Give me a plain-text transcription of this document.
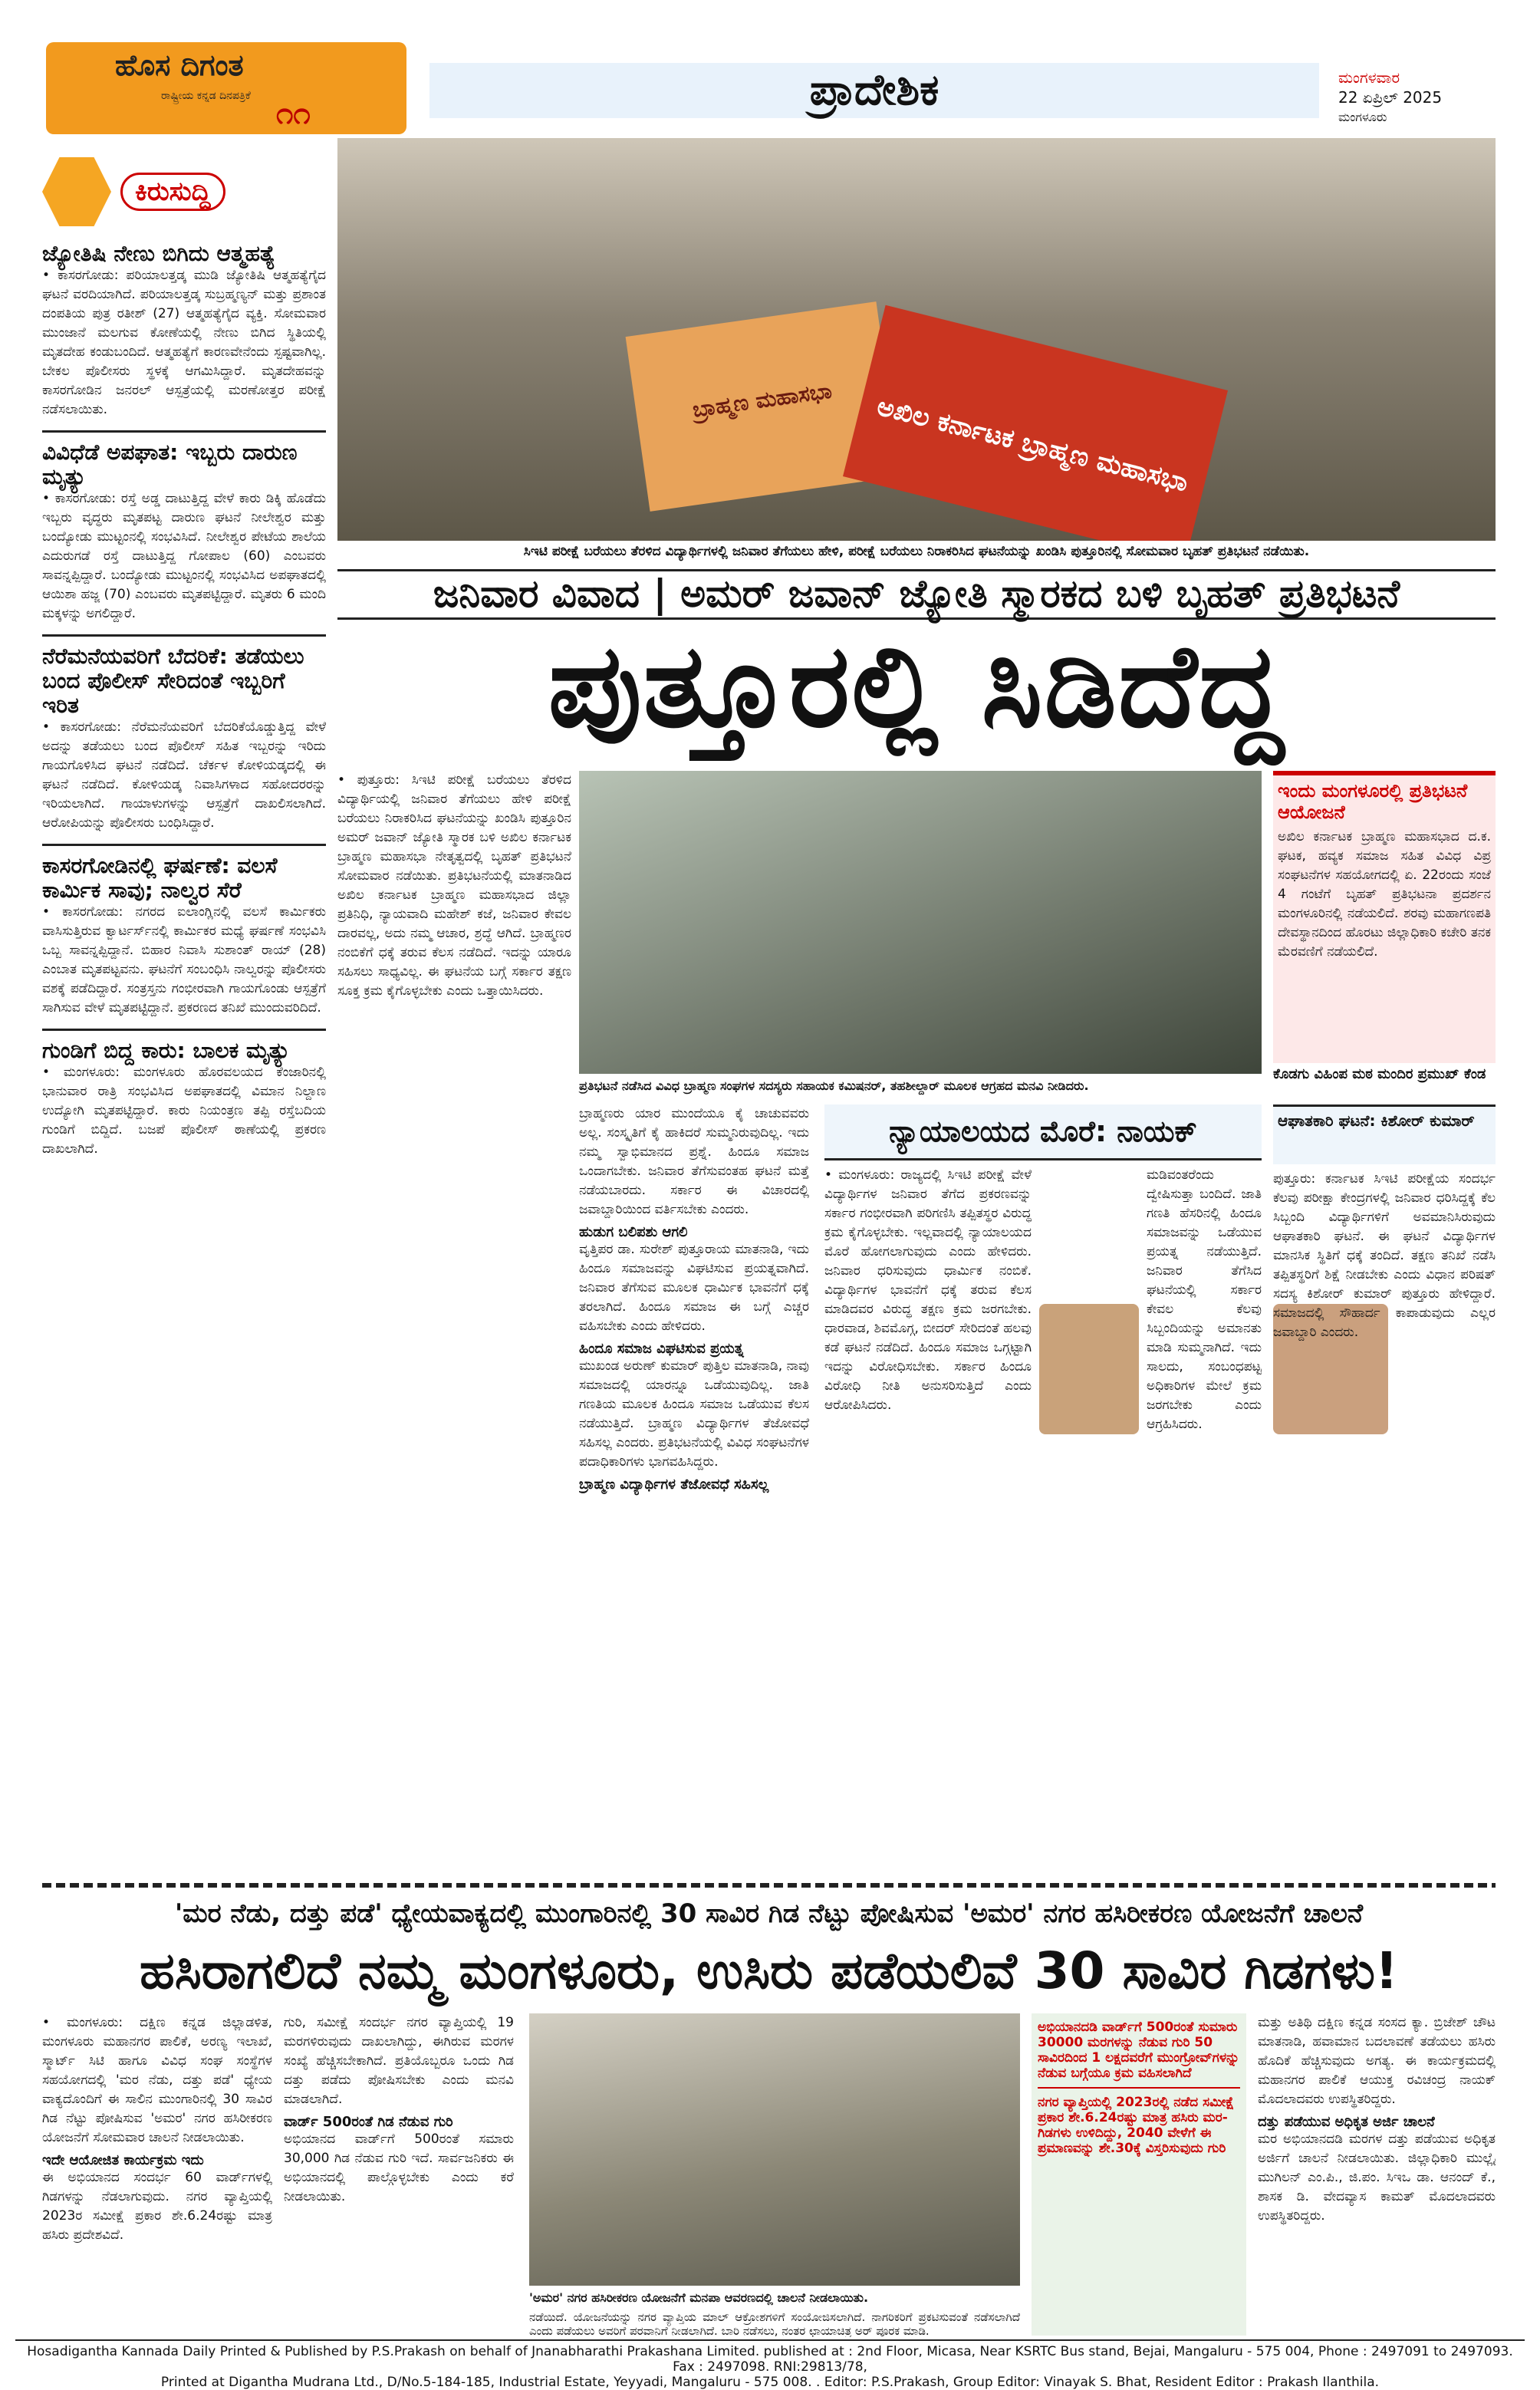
ಹೊಸ ದಿಗಂತ
ರಾಷ್ಟ್ರೀಯ ಕನ್ನಡ ದಿನಪತ್ರಿಕೆ ೧೧	ಪ್ರಾದೇಶಿಕ	ಮಂಗಳವಾರ
22 ಏಪ್ರಿಲ್ 2025
ಮಂಗಳೂರು
ಕಿರುಸುದ್ದಿ
ಜ್ಯೋತಿಷಿ ನೇಣು ಬಿಗಿದು ಆತ್ಮಹತ್ಯೆ
• ಕಾಸರಗೋಡು: ಪರಿಯಾಲತ್ತಡ್ಕ ಮುಡಿ ಜ್ಯೋತಿಷಿ ಆತ್ಮಹತ್ಯೆಗೈದ ಘಟನೆ ವರದಿಯಾಗಿದೆ. ಪರಿಯಾಲತ್ತಡ್ಕ ಸುಬ್ರಹ್ಮಣ್ಯನ್ ಮತ್ತು ಪ್ರಶಾಂತ ದಂಪತಿಯ ಪುತ್ರ ರತೀಶ್ (27) ಆತ್ಮಹತ್ಯೆಗೈದ ವ್ಯಕ್ತಿ. ಸೋಮವಾರ ಮುಂಜಾನೆ ಮಲಗುವ ಕೋಣೆಯಲ್ಲಿ ನೇಣು ಬಿಗಿದ ಸ್ಥಿತಿಯಲ್ಲಿ ಮೃತದೇಹ ಕಂಡುಬಂದಿದೆ. ಆತ್ಮಹತ್ಯೆಗೆ ಕಾರಣವೇನೆಂದು ಸ್ಪಷ್ಟವಾಗಿಲ್ಲ. ಬೇಕಲ ಪೊಲೀಸರು ಸ್ಥಳಕ್ಕೆ ಆಗಮಿಸಿದ್ದಾರೆ. ಮೃತದೇಹವನ್ನು ಕಾಸರಗೋಡಿನ ಜನರಲ್ ಆಸ್ಪತ್ರೆಯಲ್ಲಿ ಮರಣೋತ್ತರ ಪರೀಕ್ಷೆ ನಡೆಸಲಾಯಿತು.
ವಿವಿಧೆಡೆ ಅಪಘಾತ: ಇಬ್ಬರು ದಾರುಣ ಮೃತ್ಯು
• ಕಾಸರಗೋಡು: ರಸ್ತೆ ಅಡ್ಡ ದಾಟುತ್ತಿದ್ದ ವೇಳೆ ಕಾರು ಡಿಕ್ಕಿ ಹೊಡೆದು ಇಬ್ಬರು ವೃದ್ಧರು ಮೃತಪಟ್ಟ ದಾರುಣ ಘಟನೆ ನೀಲೇಶ್ವರ ಮತ್ತು ಬಂದ್ಯೋಡು ಮುಟ್ಟಂನಲ್ಲಿ ಸಂಭವಿಸಿದೆ. ನೀಲೇಶ್ವರ ಪೇಟೆಯ ಶಾಲೆಯ ಎದುರುಗಡೆ ರಸ್ತೆ ದಾಟುತ್ತಿದ್ದ ಗೋಪಾಲ (60) ಎಂಬವರು ಸಾವನ್ನಪ್ಪಿದ್ದಾರೆ. ಬಂದ್ಯೋಡು ಮುಟ್ಟಂನಲ್ಲಿ ಸಂಭವಿಸಿದ ಅಪಘಾತದಲ್ಲಿ ಆಯಿಶಾ ಹಜ್ಜ (70) ಎಂಬವರು ಮೃತಪಟ್ಟಿದ್ದಾರೆ. ಮೃತರು 6 ಮಂದಿ ಮಕ್ಕಳನ್ನು ಅಗಲಿದ್ದಾರೆ.
ನೆರೆಮನೆಯವರಿಗೆ ಬೆದರಿಕೆ: ತಡೆಯಲು ಬಂದ ಪೊಲೀಸ್ ಸೇರಿದಂತೆ ಇಬ್ಬರಿಗೆ ಇರಿತ
• ಕಾಸರಗೋಡು: ನೆರೆಮನೆಯವರಿಗೆ ಬೆದರಿಕೆಯೊಡ್ಡುತ್ತಿದ್ದ ವೇಳೆ ಅದನ್ನು ತಡೆಯಲು ಬಂದ ಪೊಲೀಸ್ ಸಹಿತ ಇಬ್ಬರನ್ನು ಇರಿದು ಗಾಯಗೊಳಿಸಿದ ಘಟನೆ ನಡೆದಿದೆ. ಚೆರ್ಕಳ ಕೋಳಿಯಡ್ಕದಲ್ಲಿ ಈ ಘಟನೆ ನಡೆದಿದೆ. ಕೋಳಿಯಡ್ಕ ನಿವಾಸಿಗಳಾದ ಸಹೋದರರನ್ನು ಇರಿಯಲಾಗಿದೆ. ಗಾಯಾಳುಗಳನ್ನು ಆಸ್ಪತ್ರೆಗೆ ದಾಖಲಿಸಲಾಗಿದೆ. ಆರೋಪಿಯನ್ನು ಪೊಲೀಸರು ಬಂಧಿಸಿದ್ದಾರೆ.
ಕಾಸರಗೋಡಿನಲ್ಲಿ ಘರ್ಷಣೆ: ವಲಸೆ ಕಾರ್ಮಿಕ ಸಾವು; ನಾಲ್ವರ ಸೆರೆ
• ಕಾಸರಗೋಡು: ನಗರದ ಐಲಾಂಗ್ಲಿನಲ್ಲಿ ವಲಸೆ ಕಾರ್ಮಿಕರು ವಾಸಿಸುತ್ತಿರುವ ಕ್ವಾರ್ಟರ್ಸ್‌ನಲ್ಲಿ ಕಾರ್ಮಿಕರ ಮಧ್ಯೆ ಘರ್ಷಣೆ ಸಂಭವಿಸಿ ಒಬ್ಬ ಸಾವನ್ನಪ್ಪಿದ್ದಾನೆ. ಬಿಹಾರ ನಿವಾಸಿ ಸುಶಾಂತ್ ರಾಯ್ (28) ಎಂಬಾತ ಮೃತಪಟ್ಟವನು. ಘಟನೆಗೆ ಸಂಬಂಧಿಸಿ ನಾಲ್ವರನ್ನು ಪೊಲೀಸರು ವಶಕ್ಕೆ ಪಡೆದಿದ್ದಾರೆ. ಸಂತ್ರಸ್ತನು ಗಂಭೀರವಾಗಿ ಗಾಯಗೊಂಡು ಆಸ್ಪತ್ರೆಗೆ ಸಾಗಿಸುವ ವೇಳೆ ಮೃತಪಟ್ಟಿದ್ದಾನೆ. ಪ್ರಕರಣದ ತನಿಖೆ ಮುಂದುವರಿದಿದೆ.
ಗುಂಡಿಗೆ ಬಿದ್ದ ಕಾರು: ಬಾಲಕ ಮೃತ್ಯು
• ಮಂಗಳೂರು: ಮಂಗಳೂರು ಹೊರವಲಯದ ಕೆಂಜಾರಿನಲ್ಲಿ ಭಾನುವಾರ ರಾತ್ರಿ ಸಂಭವಿಸಿದ ಅಪಘಾತದಲ್ಲಿ ವಿಮಾನ ನಿಲ್ದಾಣ ಉದ್ಯೋಗಿ ಮೃತಪಟ್ಟಿದ್ದಾರೆ. ಕಾರು ನಿಯಂತ್ರಣ ತಪ್ಪಿ ರಸ್ತೆಬದಿಯ ಗುಂಡಿಗೆ ಬಿದ್ದಿದೆ. ಬಜಪೆ ಪೊಲೀಸ್ ಠಾಣೆಯಲ್ಲಿ ಪ್ರಕರಣ ದಾಖಲಾಗಿದೆ.
ಬ್ರಾಹ್ಮಣ ಮಹಾಸಭಾ	ಅಖಿಲ ಕರ್ನಾಟಕ ಬ್ರಾಹ್ಮಣ ಮಹಾಸಭಾ
ಸಿಇಟಿ ಪರೀಕ್ಷೆ ಬರೆಯಲು ತೆರಳಿದ ವಿದ್ಯಾರ್ಥಿಗಳಲ್ಲಿ ಜನಿವಾರ ತೆಗೆಯಲು ಹೇಳಿ, ಪರೀಕ್ಷೆ ಬರೆಯಲು ನಿರಾಕರಿಸಿದ ಘಟನೆಯನ್ನು ಖಂಡಿಸಿ ಪುತ್ತೂರಿನಲ್ಲಿ ಸೋಮವಾರ ಬೃಹತ್ ಪ್ರತಿಭಟನೆ ನಡೆಯಿತು.
ಜನಿವಾರ ವಿವಾದ | ಅಮರ್ ಜವಾನ್ ಜ್ಯೋತಿ ಸ್ಮಾರಕದ ಬಳಿ ಬೃಹತ್ ಪ್ರತಿಭಟನೆ
ಪುತ್ತೂರಲ್ಲಿ ಸಿಡಿದೆದ್ದ
• ಪುತ್ತೂರು: ಸಿಇಟಿ ಪರೀಕ್ಷೆ ಬರೆಯಲು ತೆರಳಿದ ವಿದ್ಯಾರ್ಥಿಯಲ್ಲಿ ಜನಿವಾರ ತೆಗೆಯಲು ಹೇಳಿ ಪರೀಕ್ಷೆ ಬರೆಯಲು ನಿರಾಕರಿಸಿದ ಘಟನೆಯನ್ನು ಖಂಡಿಸಿ ಪುತ್ತೂರಿನ ಅಮರ್ ಜವಾನ್ ಜ್ಯೋತಿ ಸ್ಮಾರಕ ಬಳಿ ಅಖಿಲ ಕರ್ನಾಟಕ ಬ್ರಾಹ್ಮಣ ಮಹಾಸಭಾ ನೇತೃತ್ವದಲ್ಲಿ ಬೃಹತ್ ಪ್ರತಿಭಟನೆ ಸೋಮವಾರ ನಡೆಯಿತು. ಪ್ರತಿಭಟನೆಯಲ್ಲಿ ಮಾತನಾಡಿದ ಅಖಿಲ ಕರ್ನಾಟಕ ಬ್ರಾಹ್ಮಣ ಮಹಾಸಭಾದ ಜಿಲ್ಲಾ ಪ್ರತಿನಿಧಿ, ನ್ಯಾಯವಾದಿ ಮಹೇಶ್ ಕಜೆ, ಜನಿವಾರ ಕೇವಲ ದಾರವಲ್ಲ, ಅದು ನಮ್ಮ ಆಚಾರ, ಶ್ರದ್ಧೆ ಆಗಿದೆ. ಬ್ರಾಹ್ಮಣರ ನಂಬಿಕೆಗೆ ಧಕ್ಕೆ ತರುವ ಕೆಲಸ ನಡೆದಿದೆ. ಇದನ್ನು ಯಾರೂ ಸಹಿಸಲು ಸಾಧ್ಯವಿಲ್ಲ. ಈ ಘಟನೆಯ ಬಗ್ಗೆ ಸರ್ಕಾರ ತಕ್ಷಣ ಸೂಕ್ತ ಕ್ರಮ ಕೈಗೊಳ್ಳಬೇಕು ಎಂದು ಒತ್ತಾಯಿಸಿದರು.
ಪ್ರತಿಭಟನೆ ನಡೆಸಿದ ವಿವಿಧ ಬ್ರಾಹ್ಮಣ ಸಂಘಗಳ ಸದಸ್ಯರು ಸಹಾಯಕ ಕಮಿಷನರ್, ತಹಶೀಲ್ದಾರ್ ಮೂಲಕ ಆಗ್ರಹದ ಮನವಿ ನೀಡಿದರು.
ಬ್ರಾಹ್ಮಣರು ಯಾರ ಮುಂದೆಯೂ ಕೈ ಚಾಚುವವರು ಅಲ್ಲ. ಸಂಸ್ಕೃತಿಗೆ ಕೈ ಹಾಕಿದರೆ ಸುಮ್ಮನಿರುವುದಿಲ್ಲ. ಇದು ನಮ್ಮ ಸ್ವಾಭಿಮಾನದ ಪ್ರಶ್ನೆ. ಹಿಂದೂ ಸಮಾಜ ಒಂದಾಗಬೇಕು. ಜನಿವಾರ ತೆಗೆಸುವಂತಹ ಘಟನೆ ಮತ್ತೆ ನಡೆಯಬಾರದು. ಸರ್ಕಾರ ಈ ವಿಚಾರದಲ್ಲಿ ಜವಾಬ್ದಾರಿಯಿಂದ ವರ್ತಿಸಬೇಕು ಎಂದರು.
ಹುಡುಗ ಬಲಿಪಶು ಆಗಲಿ
ವೃತ್ತಿಪರ ಡಾ. ಸುರೇಶ್ ಪುತ್ತೂರಾಯ ಮಾತನಾಡಿ, ಇದು ಹಿಂದೂ ಸಮಾಜವನ್ನು ವಿಘಟಿಸುವ ಪ್ರಯತ್ನವಾಗಿದೆ. ಜನಿವಾರ ತೆಗೆಸುವ ಮೂಲಕ ಧಾರ್ಮಿಕ ಭಾವನೆಗೆ ಧಕ್ಕೆ ತರಲಾಗಿದೆ. ಹಿಂದೂ ಸಮಾಜ ಈ ಬಗ್ಗೆ ಎಚ್ಚರ ವಹಿಸಬೇಕು ಎಂದು ಹೇಳಿದರು.
ಹಿಂದೂ ಸಮಾಜ ವಿಘಟಿಸುವ ಪ್ರಯತ್ನ
ಮುಖಂಡ ಅರುಣ್ ಕುಮಾರ್ ಪುತ್ತಿಲ ಮಾತನಾಡಿ, ನಾವು ಸಮಾಜದಲ್ಲಿ ಯಾರನ್ನೂ ಒಡೆಯುವುದಿಲ್ಲ. ಜಾತಿ ಗಣತಿಯ ಮೂಲಕ ಹಿಂದೂ ಸಮಾಜ ಒಡೆಯುವ ಕೆಲಸ ನಡೆಯುತ್ತಿದೆ. ಬ್ರಾಹ್ಮಣ ವಿದ್ಯಾರ್ಥಿಗಳ ತೆಜೋವಧೆ ಸಹಿಸಲ್ಲ ಎಂದರು. ಪ್ರತಿಭಟನೆಯಲ್ಲಿ ವಿವಿಧ ಸಂಘಟನೆಗಳ ಪದಾಧಿಕಾರಿಗಳು ಭಾಗವಹಿಸಿದ್ದರು.
ಬ್ರಾಹ್ಮಣ ವಿದ್ಯಾರ್ಥಿಗಳ ತೆಜೋವಧೆ ಸಹಿಸಲ್ಲ
ನ್ಯಾಯಾಲಯದ ಮೊರೆ: ನಾಯಕ್
• ಮಂಗಳೂರು: ರಾಜ್ಯದಲ್ಲಿ ಸಿಇಟಿ ಪರೀಕ್ಷೆ ವೇಳೆ ವಿದ್ಯಾರ್ಥಿಗಳ ಜನಿವಾರ ತೆಗೆದ ಪ್ರಕರಣವನ್ನು ಸರ್ಕಾರ ಗಂಭೀರವಾಗಿ ಪರಿಗಣಿಸಿ ತಪ್ಪಿತಸ್ಥರ ವಿರುದ್ಧ ಕ್ರಮ ಕೈಗೊಳ್ಳಬೇಕು. ಇಲ್ಲವಾದಲ್ಲಿ ನ್ಯಾಯಾಲಯದ ಮೊರೆ ಹೋಗಲಾಗುವುದು ಎಂದು ಹೇಳಿದರು. ಜನಿವಾರ ಧರಿಸುವುದು ಧಾರ್ಮಿಕ ನಂಬಿಕೆ. ವಿದ್ಯಾರ್ಥಿಗಳ ಭಾವನೆಗೆ ಧಕ್ಕೆ ತರುವ ಕೆಲಸ ಮಾಡಿದವರ ವಿರುದ್ಧ ತಕ್ಷಣ ಕ್ರಮ ಜರಗಬೇಕು. ಧಾರವಾಡ, ಶಿವಮೊಗ್ಗ, ಬೀದರ್ ಸೇರಿದಂತೆ ಹಲವು ಕಡೆ ಘಟನೆ ನಡೆದಿದೆ. ಹಿಂದೂ ಸಮಾಜ ಒಗ್ಗಟ್ಟಾಗಿ ಇದನ್ನು ವಿರೋಧಿಸಬೇಕು. ಸರ್ಕಾರ ಹಿಂದೂ ವಿರೋಧಿ ನೀತಿ ಅನುಸರಿಸುತ್ತಿದೆ ಎಂದು ಆರೋಪಿಸಿದರು.
ಮಡಿವಂತರೆಂದು ದ್ವೇಷಿಸುತ್ತಾ ಬಂದಿದೆ. ಜಾತಿ ಗಣತಿ ಹೆಸರಿನಲ್ಲಿ ಹಿಂದೂ ಸಮಾಜವನ್ನು ಒಡೆಯುವ ಪ್ರಯತ್ನ ನಡೆಯುತ್ತಿದೆ. ಜನಿವಾರ ತೆಗೆಸಿದ ಘಟನೆಯಲ್ಲಿ ಸರ್ಕಾರ ಕೇವಲ ಕೆಲವು ಸಿಬ್ಬಂದಿಯನ್ನು ಅಮಾನತು ಮಾಡಿ ಸುಮ್ಮನಾಗಿದೆ. ಇದು ಸಾಲದು, ಸಂಬಂಧಪಟ್ಟ ಅಧಿಕಾರಿಗಳ ಮೇಲೆ ಕ್ರಮ ಜರಗಬೇಕು ಎಂದು ಆಗ್ರಹಿಸಿದರು.
ಆಘಾತಕಾರಿ ಘಟನೆ: ಕಿಶೋರ್ ಕುಮಾರ್
ಪುತ್ತೂರು: ಕರ್ನಾಟಕ ಸಿಇಟಿ ಪರೀಕ್ಷೆಯ ಸಂದರ್ಭ ಕೆಲವು ಪರೀಕ್ಷಾ ಕೇಂದ್ರಗಳಲ್ಲಿ ಜನಿವಾರ ಧರಿಸಿದ್ದಕ್ಕೆ ಕೆಲ ಸಿಬ್ಬಂದಿ ವಿದ್ಯಾರ್ಥಿಗಳಿಗೆ ಅವಮಾನಿಸಿರುವುದು ಆಘಾತಕಾರಿ ಘಟನೆ. ಈ ಘಟನೆ ವಿದ್ಯಾರ್ಥಿಗಳ ಮಾನಸಿಕ ಸ್ಥಿತಿಗೆ ಧಕ್ಕೆ ತಂದಿದೆ. ತಕ್ಷಣ ತನಿಖೆ ನಡೆಸಿ ತಪ್ಪಿತಸ್ಥರಿಗೆ ಶಿಕ್ಷೆ ನೀಡಬೇಕು ಎಂದು ವಿಧಾನ ಪರಿಷತ್ ಸದಸ್ಯ ಕಿಶೋರ್ ಕುಮಾರ್ ಪುತ್ತೂರು ಹೇಳಿದ್ದಾರೆ. ಸಮಾಜದಲ್ಲಿ ಸೌಹಾರ್ದ ಕಾಪಾಡುವುದು ಎಲ್ಲರ ಜವಾಬ್ದಾರಿ ಎಂದರು.
ಇಂದು ಮಂಗಳೂರಲ್ಲಿ ಪ್ರತಿಭಟನೆ ಆಯೋಜನೆ
ಅಖಿಲ ಕರ್ನಾಟಕ ಬ್ರಾಹ್ಮಣ ಮಹಾಸಭಾದ ದ.ಕ. ಘಟಕ, ಹವ್ಯಕ ಸಮಾಜ ಸಹಿತ ವಿವಿಧ ವಿಪ್ರ ಸಂಘಟನೆಗಳ ಸಹಯೋಗದಲ್ಲಿ ಏ. 22ರಂದು ಸಂಜೆ 4 ಗಂಟೆಗೆ ಬೃಹತ್ ಪ್ರತಿಭಟನಾ ಪ್ರದರ್ಶನ ಮಂಗಳೂರಿನಲ್ಲಿ ನಡೆಯಲಿದೆ. ಶರವು ಮಹಾಗಣಪತಿ ದೇವಸ್ಥಾನದಿಂದ ಹೊರಟು ಜಿಲ್ಲಾಧಿಕಾರಿ ಕಚೇರಿ ತನಕ ಮೆರವಣಿಗೆ ನಡೆಯಲಿದೆ.
ಕೊಡಗು ವಿಹಿಂಪ ಮಠ ಮಂದಿರ ಪ್ರಮುಖ್ ಕೆಂಡ
'ಮರ ನೆಡು, ದತ್ತು ಪಡೆ' ಧ್ಯೇಯವಾಕ್ಯದಲ್ಲಿ ಮುಂಗಾರಿನಲ್ಲಿ 30 ಸಾವಿರ ಗಿಡ ನೆಟ್ಟು ಪೋಷಿಸುವ 'ಅಮರ' ನಗರ ಹಸಿರೀಕರಣ ಯೋಜನೆಗೆ ಚಾಲನೆ
ಹಸಿರಾಗಲಿದೆ ನಮ್ಮ ಮಂಗಳೂರು, ಉಸಿರು ಪಡೆಯಲಿವೆ 30 ಸಾವಿರ ಗಿಡಗಳು!
• ಮಂಗಳೂರು: ದಕ್ಷಿಣ ಕನ್ನಡ ಜಿಲ್ಲಾಡಳಿತ, ಮಂಗಳೂರು ಮಹಾನಗರ ಪಾಲಿಕೆ, ಅರಣ್ಯ ಇಲಾಖೆ, ಸ್ಮಾರ್ಟ್ ಸಿಟಿ ಹಾಗೂ ವಿವಿಧ ಸಂಘ ಸಂಸ್ಥೆಗಳ ಸಹಯೋಗದಲ್ಲಿ 'ಮರ ನೆಡು, ದತ್ತು ಪಡೆ' ಧ್ಯೇಯ ವಾಕ್ಯದೊಂದಿಗೆ ಈ ಸಾಲಿನ ಮುಂಗಾರಿನಲ್ಲಿ 30 ಸಾವಿರ ಗಿಡ ನೆಟ್ಟು ಪೋಷಿಸುವ 'ಅಮರ' ನಗರ ಹಸಿರೀಕರಣ ಯೋಜನೆಗೆ ಸೋಮವಾರ ಚಾಲನೆ ನೀಡಲಾಯಿತು.
ಇದೇ ಆಯೋಜಿತ ಕಾರ್ಯಕ್ರಮ ಇದು
ಈ ಅಭಿಯಾನದ ಸಂದರ್ಭ 60 ವಾರ್ಡ್‌ಗಳಲ್ಲಿ ಗಿಡಗಳನ್ನು ನೆಡಲಾಗುವುದು. ನಗರ ವ್ಯಾಪ್ತಿಯಲ್ಲಿ 2023ರ ಸಮೀಕ್ಷೆ ಪ್ರಕಾರ ಶೇ.6.24ರಷ್ಟು ಮಾತ್ರ ಹಸಿರು ಪ್ರದೇಶವಿದೆ.
ಗುರಿ, ಸಮೀಕ್ಷೆ ಸಂದರ್ಭ ನಗರ ವ್ಯಾಪ್ತಿಯಲ್ಲಿ 19 ಮರಗಳಿರುವುದು ದಾಖಲಾಗಿದ್ದು, ಈಗಿರುವ ಮರಗಳ ಸಂಖ್ಯೆ ಹೆಚ್ಚಿಸಬೇಕಾಗಿದೆ. ಪ್ರತಿಯೊಬ್ಬರೂ ಒಂದು ಗಿಡ ದತ್ತು ಪಡೆದು ಪೋಷಿಸಬೇಕು ಎಂದು ಮನವಿ ಮಾಡಲಾಗಿದೆ.
ವಾರ್ಡ್ 500ರಂತೆ ಗಿಡ ನೆಡುವ ಗುರಿ
ಅಭಿಯಾನದ ವಾರ್ಡ್‌ಗೆ 500ರಂತೆ ಸಮಾರು 30,000 ಗಿಡ ನೆಡುವ ಗುರಿ ಇದೆ. ಸಾರ್ವಜನಿಕರು ಈ ಅಭಿಯಾನದಲ್ಲಿ ಪಾಲ್ಗೊಳ್ಳಬೇಕು ಎಂದು ಕರೆ ನೀಡಲಾಯಿತು.
'ಅಮರ' ನಗರ ಹಸಿರೀಕರಣ ಯೋಜನೆಗೆ ಮನಪಾ ಆವರಣದಲ್ಲಿ ಚಾಲನೆ ನೀಡಲಾಯಿತು.
ನಡೆಯಿದೆ. ಯೋಜನೆಯನ್ನು ನಗರ ವ್ಯಾಪ್ತಿಯ ಮಾಲ್ ಆಕ್ರೋಶಗಳಿಗೆ ಸಂಯೋಜಿಸಲಾಗಿದೆ. ನಾಗರಿಕರಿಗೆ ಪ್ರಕಟಿಸುವಂತೆ ನಡೆಸಲಾಗಿದೆ ಎಂದು ಪಡೆಯಲು ಅವರಿಗೆ ಪರವಾನಿಗೆ ನೀಡಲಾಗಿದೆ. ಬಾರಿ ನಡೆಸಲು, ನಂತರ ಛಾಯಾಚಿತ್ರ ಅರ್ ಪೂರಕ ಮಾಡಿ.
ಅಭಿಯಾನದಡಿ ವಾರ್ಡ್‌ಗೆ 500ರಂತೆ ಸುಮಾರು 30000 ಮರಗಳನ್ನು ನೆಡುವ ಗುರಿ 50 ಸಾವಿರದಿಂದ 1 ಲಕ್ಷದವರೆಗೆ ಮುಂಗ್ರೋವ್‌ಗಳನ್ನು ನೆಡುವ ಬಗ್ಗೆಯೂ ಕ್ರಮ ವಹಿಸಲಾಗಿದೆ
ನಗರ ವ್ಯಾಪ್ತಿಯಲ್ಲಿ 2023ರಲ್ಲಿ ನಡೆದ ಸಮೀಕ್ಷೆ ಪ್ರಕಾರ ಶೇ.6.24ರಷ್ಟು ಮಾತ್ರ ಹಸಿರು ಮರ- ಗಿಡಗಳು ಉಳಿದಿದ್ದು, 2040 ವೇಳೆಗೆ ಈ ಪ್ರಮಾಣವನ್ನು ಶೇ.30ಕ್ಕೆ ವಿಸ್ತರಿಸುವುದು ಗುರಿ
ಮತ್ತು ಅತಿಥಿ ದಕ್ಷಿಣ ಕನ್ನಡ ಸಂಸದ ಕ್ಯಾ. ಬ್ರಿಜೇಶ್ ಚೌಟ ಮಾತನಾಡಿ, ಹವಾಮಾನ ಬದಲಾವಣೆ ತಡೆಯಲು ಹಸಿರು ಹೊದಿಕೆ ಹೆಚ್ಚಿಸುವುದು ಅಗತ್ಯ. ಈ ಕಾರ್ಯಕ್ರಮದಲ್ಲಿ ಮಹಾನಗರ ಪಾಲಿಕೆ ಆಯುಕ್ತ ರವಿಚಂದ್ರ ನಾಯಕ್ ಮೊದಲಾದವರು ಉಪಸ್ಥಿತರಿದ್ದರು.
ದತ್ತು ಪಡೆಯುವ ಅಧಿಕೃತ ಅರ್ಜಿ ಚಾಲನೆ
ಮರ ಅಭಿಯಾನದಡಿ ಮರಗಳ ದತ್ತು ಪಡೆಯುವ ಅಧಿಕೃತ ಅರ್ಜಿಗೆ ಚಾಲನೆ ನೀಡಲಾಯಿತು. ಜಿಲ್ಲಾಧಿಕಾರಿ ಮುಲ್ಲೈ ಮುಗಿಲನ್ ಎಂ.ಪಿ., ಜಿ.ಪಂ. ಸಿಇಒ ಡಾ. ಆನಂದ್ ಕೆ., ಶಾಸಕ ಡಿ. ವೇದವ್ಯಾಸ ಕಾಮತ್ ಮೊದಲಾದವರು ಉಪಸ್ಥಿತರಿದ್ದರು.
Hosadigantha Kannada Daily Printed & Published by P.S.Prakash on behalf of Jnanabharathi Prakashana Limited. published at : 2nd Floor, Micasa, Near KSRTC Bus stand, Bejai, Mangaluru - 575 004, Phone : 2497091 to 2497093. Fax : 2497098. RNI:29813/78,
Printed at Digantha Mudrana Ltd., D/No.5-184-185, Industrial Estate, Yeyyadi, Mangaluru - 575 008. . Editor: P.S.Prakash, Group Editor: Vinayak S. Bhat, Resident Editor : Prakash Ilanthila.
